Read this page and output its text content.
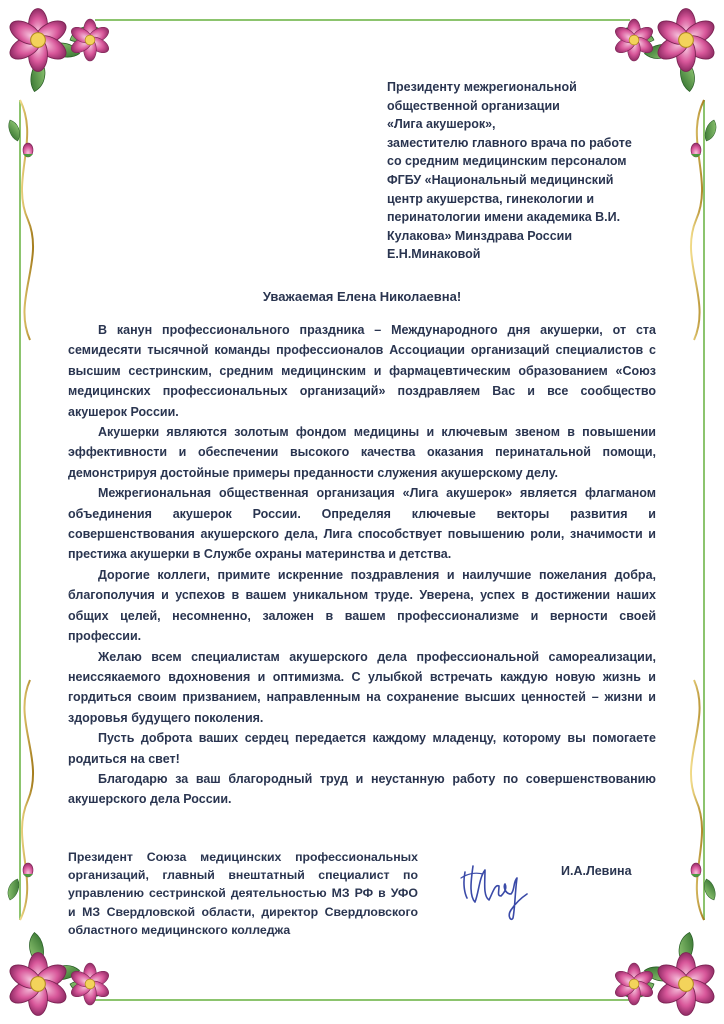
Президенту межрегиональной
общественной организации
«Лига акушерок»,
заместителю главного врача по работе
со средним медицинским персоналом
ФГБУ «Национальный медицинский
центр акушерства, гинекологии и
перинатологии имени академика В.И.
Кулакова» Минздрава России
Е.Н.Минаковой
Уважаемая Елена Николаевна!

В канун профессионального праздника – Международного дня акушерки, от ста семидесяти тысячной команды профессионалов Ассоциации организаций специалистов с высшим сестринским, средним медицинским и фармацевтическим образованием «Союз медицинских профессиональных организаций» поздравляем Вас и все сообщество акушерок России.

Акушерки являются золотым фондом медицины и ключевым звеном в повышении эффективности и обеспечении высокого качества оказания перинатальной помощи, демонстрируя достойные примеры преданности служения акушерскому делу.

Межрегиональная общественная организация «Лига акушерок» является флагманом объединения акушерок России. Определяя ключевые векторы развития и совершенствования акушерского дела, Лига способствует повышению роли, значимости и престижа акушерки в Службе охраны материнства и детства.

Дорогие коллеги, примите искренние поздравления и наилучшие пожелания добра, благополучия и успехов в вашем уникальном труде. Уверена, успех в достижении наших общих целей, несомненно, заложен в вашем профессионализме и верности своей профессии.

Желаю всем специалистам акушерского дела профессиональной самореализации, неиссякаемого вдохновения и оптимизма. С улыбкой встречать каждую новую жизнь и гордиться своим призванием, направленным на сохранение высших ценностей – жизни и здоровья будущего поколения.

Пусть доброта ваших сердец передается каждому младенцу, которому вы помогаете родиться на свет!

Благодарю за ваш благородный труд и неустанную работу по совершенствованию акушерского дела России.

Президент Союза медицинских профессиональных организаций, главный внештатный специалист по управлению сестринской деятельностью МЗ РФ в УФО и МЗ Свердловской области, директор Свердловского областного медицинского колледжа
И.А.Левина
